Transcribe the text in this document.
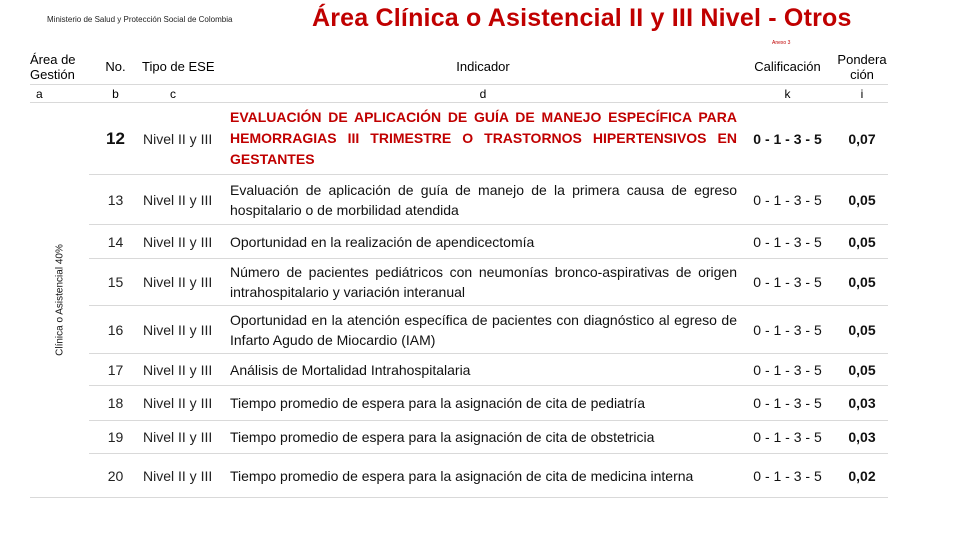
Ministerio de Salud y Protección Social de Colombia	Área Clínica o Asistencial II y III Nivel - Otros
Anexo 3
Área de Gestión	No.	Tipo de ESE	Indicador	Calificación	Ponderación
a	b	c	d	k	i

Clínica o Asistencial 40%	12	Nivel II y III	EVALUACIÓN DE APLICACIÓN DE GUÍA DE MANEJO ESPECÍFICA PARA HEMORRAGIAS III TRIMESTRE O TRASTORNOS HIPERTENSIVOS EN GESTANTES	0 - 1 - 3 - 5	0,07
	13	Nivel II y III	Evaluación de aplicación de guía de manejo de la primera causa de egreso hospitalario o de morbilidad atendida	0 - 1 - 3 - 5	0,05
	14	Nivel II y III	Oportunidad en la realización de apendicectomía	0 - 1 - 3 - 5	0,05
	15	Nivel II y III	Número de pacientes pediátricos con neumonías bronco-aspirativas de origen intrahospitalario y variación interanual	0 - 1 - 3 - 5	0,05
	16	Nivel II y III	Oportunidad en la atención específica de pacientes con diagnóstico al egreso de Infarto Agudo de Miocardio (IAM)	0 - 1 - 3 - 5	0,05
	17	Nivel II y III	Análisis de Mortalidad Intrahospitalaria	0 - 1 - 3 - 5	0,05
	18	Nivel II y III	Tiempo promedio de espera para la asignación de cita de pediatría	0 - 1 - 3 - 5	0,03
	19	Nivel II y III	Tiempo promedio de espera para la asignación de cita de obstetricia	0 - 1 - 3 - 5	0,03
	20	Nivel II y III	Tiempo promedio de espera para la asignación de cita de medicina interna	0 - 1 - 3 - 5	0,02
